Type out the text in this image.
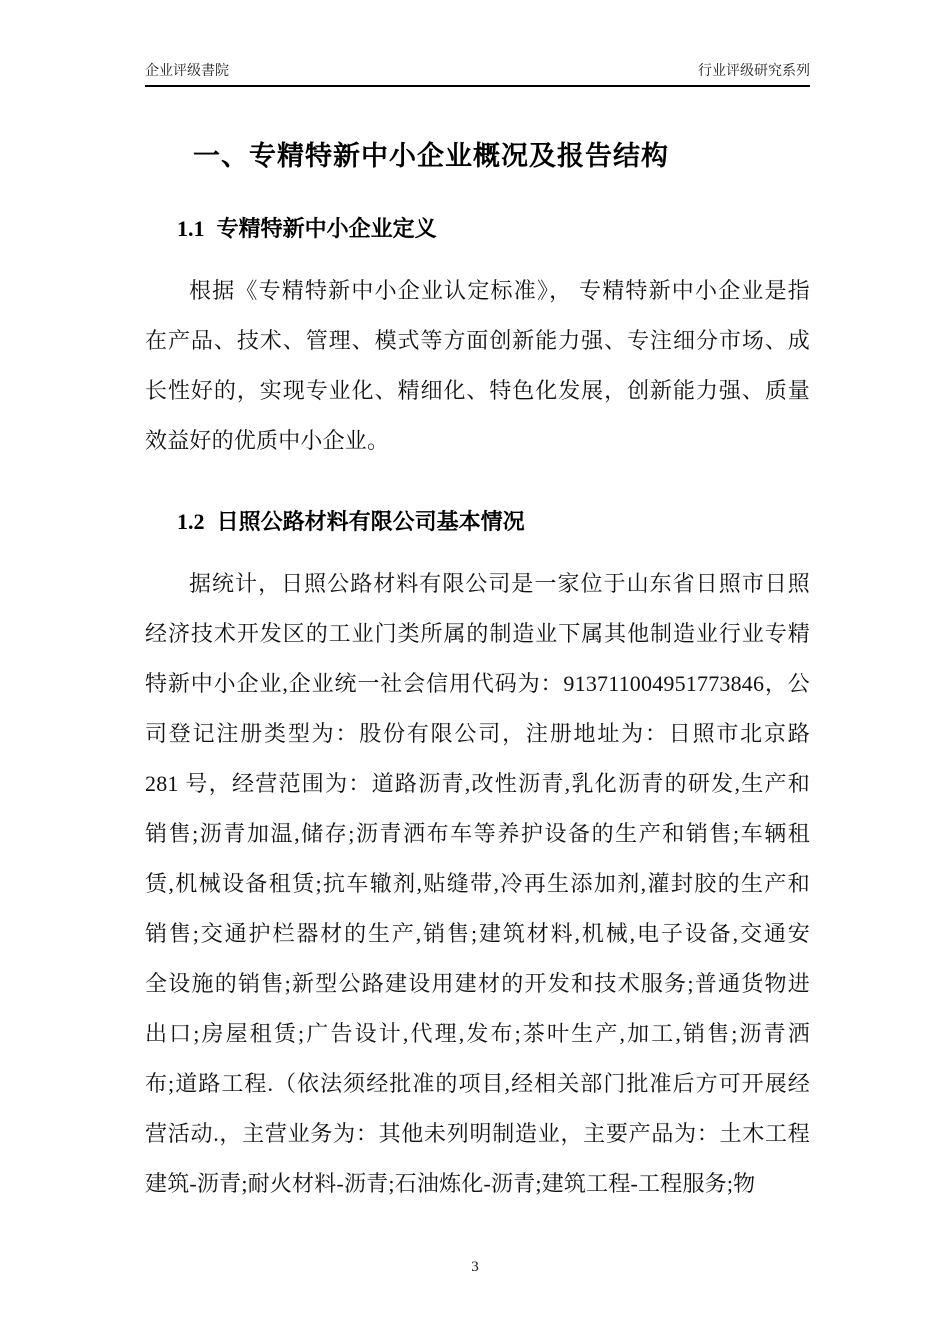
企业评级書院	行业评级研究系列
一、专精特新中小企业概况及报告结构
1.1 专精特新中小企业定义
根据《专精特新中小企业认定标准》， 专精特新中小企业是指
在产品、技术、管理、模式等方面创新能力强、专注细分市场、成
长性好的，实现专业化、精细化、特色化发展，创新能力强、质量
效益好的优质中小企业。
1.2 日照公路材料有限公司基本情况
据统计，日照公路材料有限公司是一家位于山东省日照市日照
经济技术开发区的工业门类所属的制造业下属其他制造业行业专精
特新中小企业,企业统一社会信用代码为：913711004951773846，公
司登记注册类型为：股份有限公司，注册地址为：日照市北京路
281 号，经营范围为：道路沥青,改性沥青,乳化沥青的研发,生产和
销售;沥青加温,储存;沥青洒布车等养护设备的生产和销售;车辆租
赁,机械设备租赁;抗车辙剂,贴缝带,冷再生添加剂,灌封胶的生产和
销售;交通护栏器材的生产,销售;建筑材料,机械,电子设备,交通安
全设施的销售;新型公路建设用建材的开发和技术服务;普通货物进
出口;房屋租赁;广告设计,代理,发布;茶叶生产,加工,销售;沥青洒
布;道路工程.（依法须经批准的项目,经相关部门批准后方可开展经
营活动.，主营业务为：其他未列明制造业，主要产品为：土木工程
建筑-沥青;耐火材料-沥青;石油炼化-沥青;建筑工程-工程服务;物
3
